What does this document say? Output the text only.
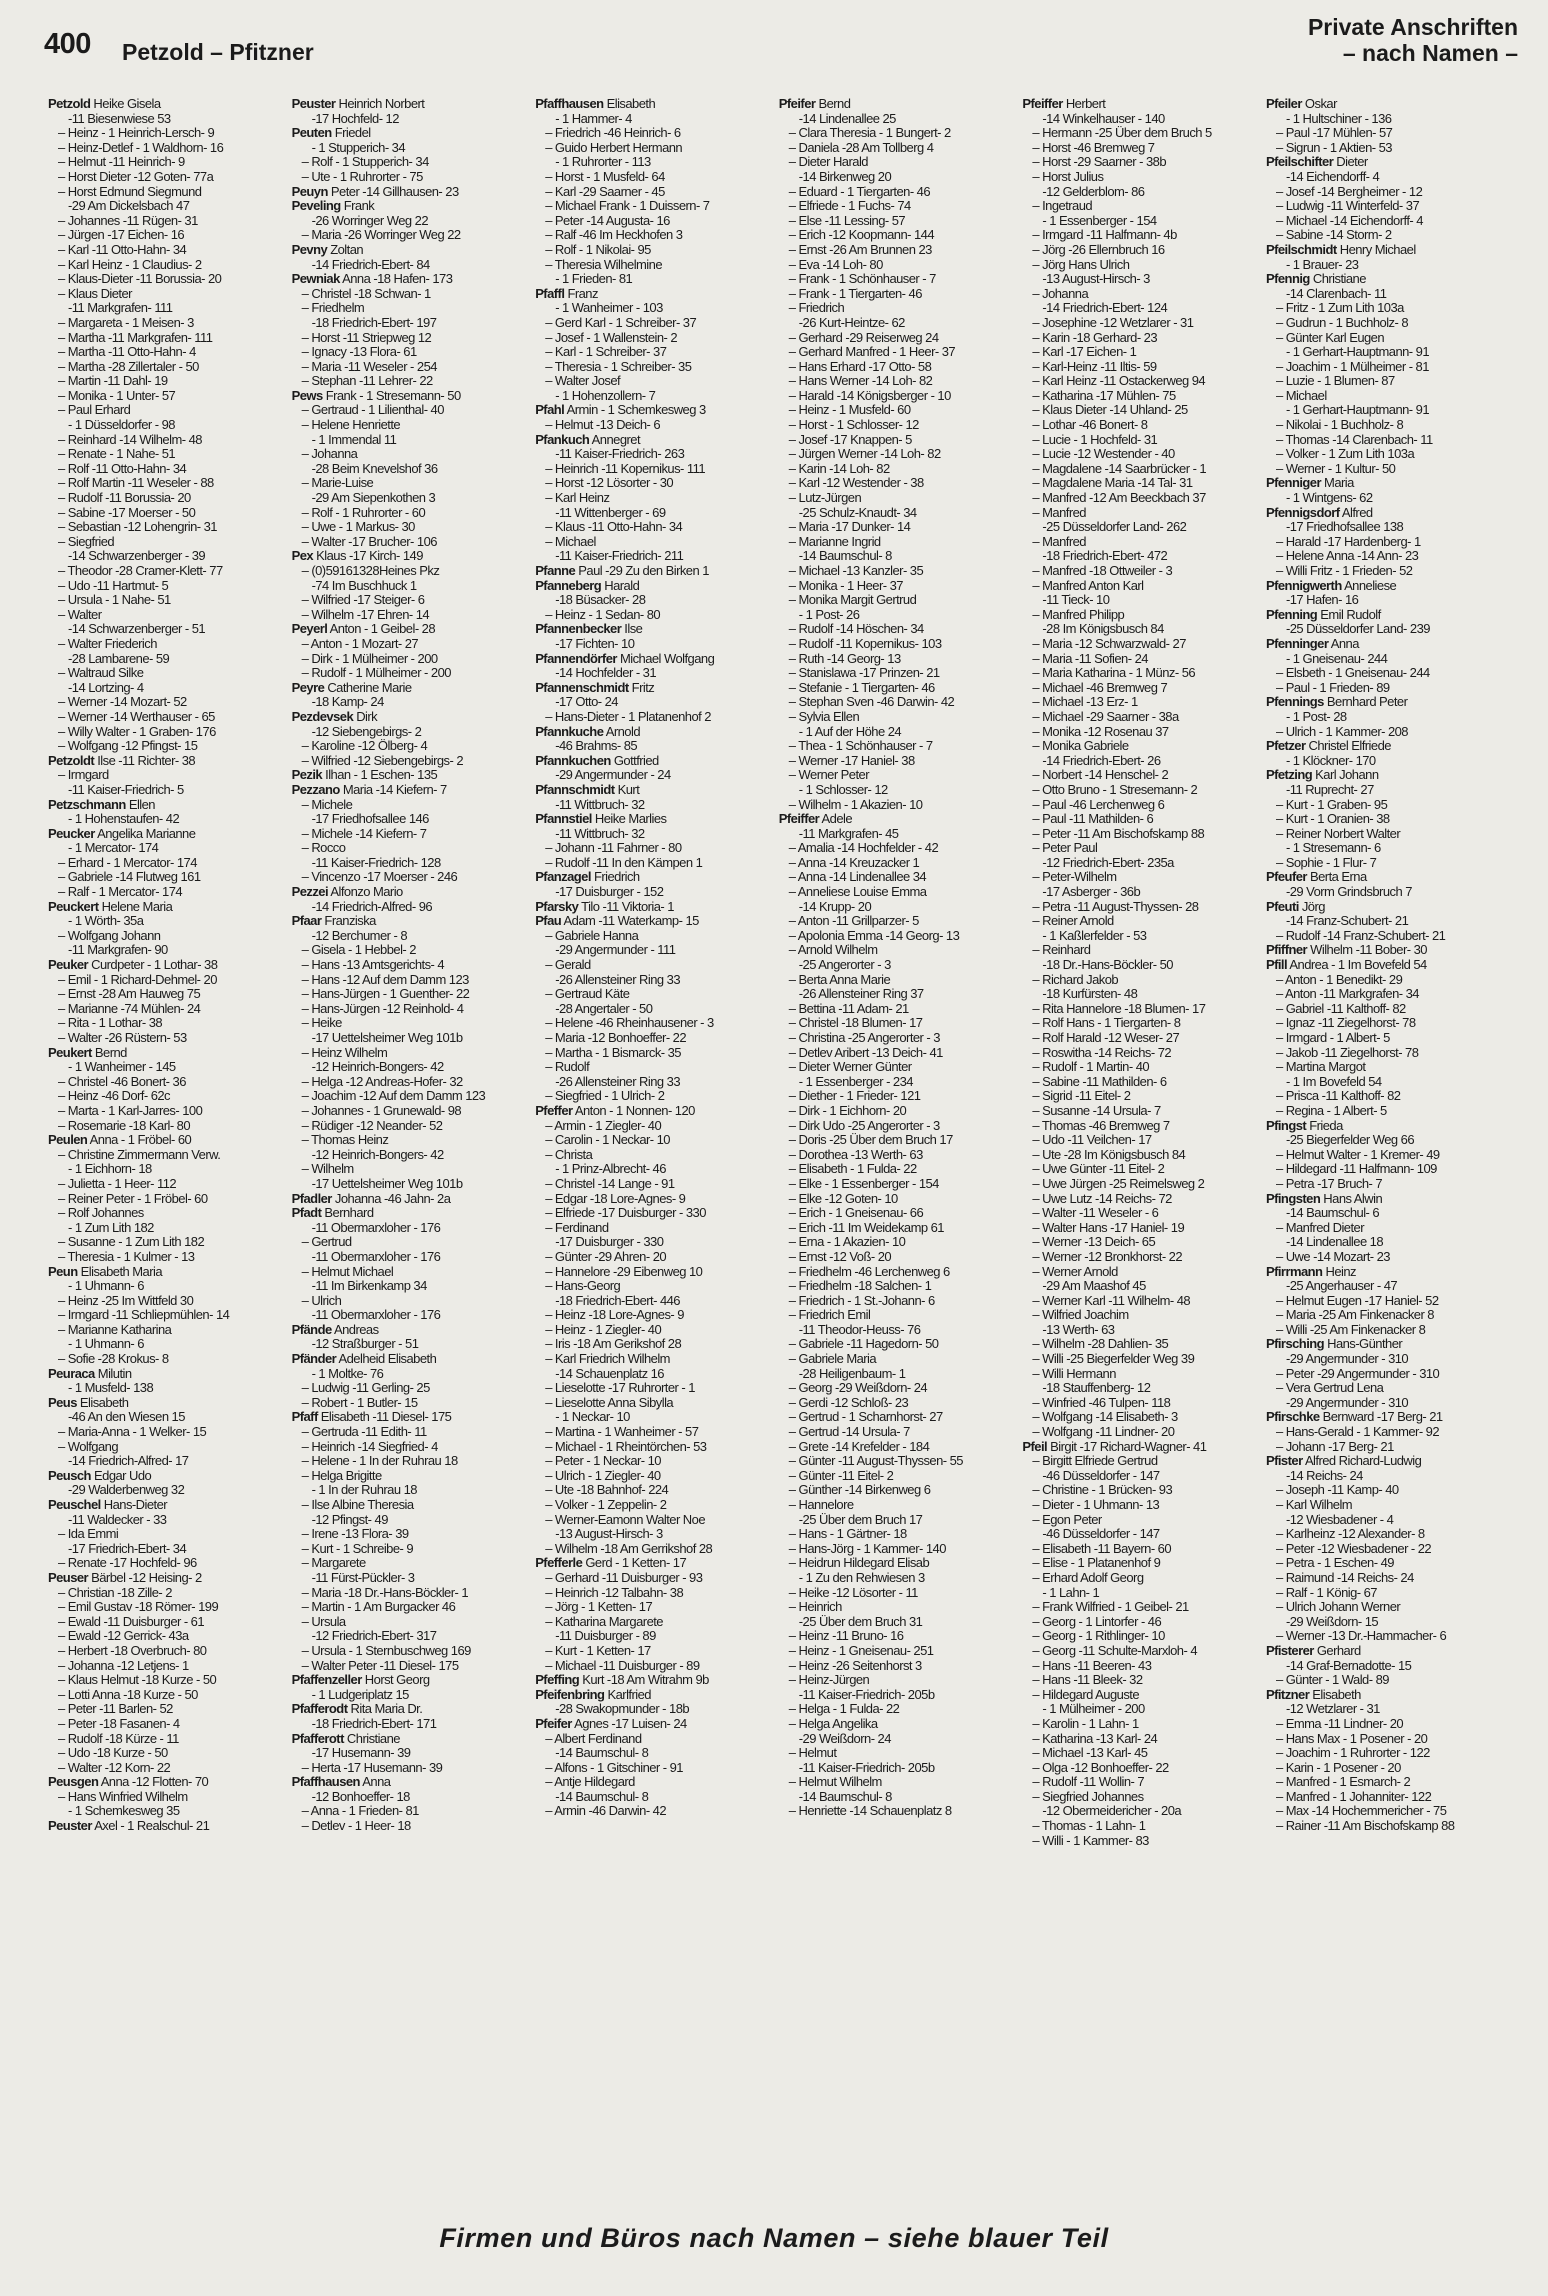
400 Petzold – Pfitzner
Private Anschriften
– nach Namen –
Petzold Heike Gisela
-11 Biesenwiese 53
– Heinz - 1 Heinrich-Lersch- 9
– Heinz-Detlef - 1 Waldhorn- 16
– Helmut -11 Heinrich- 9
– Horst Dieter -12 Goten- 77a
– Horst Edmund Siegmund
-29 Am Dickelsbach 47
– Johannes -11 Rügen- 31
– Jürgen -17 Eichen- 16
– Karl -11 Otto-Hahn- 34
– Karl Heinz - 1 Claudius- 2
– Klaus-Dieter -11 Borussia- 20
– Klaus Dieter
-11 Markgrafen- 111
– Margareta - 1 Meisen- 3
– Martha -11 Markgrafen- 111
– Martha -11 Otto-Hahn- 4
– Martha -28 Zillertaler - 50
– Martin -11 Dahl- 19
– Monika - 1 Unter- 57
– Paul Erhard
- 1 Düsseldorfer - 98
– Reinhard -14 Wilhelm- 48
– Renate - 1 Nahe- 51
– Rolf -11 Otto-Hahn- 34
– Rolf Martin -11 Weseler - 88
– Rudolf -11 Borussia- 20
– Sabine -17 Moerser - 50
– Sebastian -12 Lohengrin- 31
– Siegfried
-14 Schwarzenberger - 39
– Theodor -28 Cramer-Klett- 77
– Udo -11 Hartmut- 5
– Ursula - 1 Nahe- 51
– Walter
-14 Schwarzenberger - 51
– Walter Friederich
-28 Lambarene- 59
– Waltraud Silke
-14 Lortzing- 4
– Werner -14 Mozart- 52
– Werner -14 Werthauser - 65
– Willy Walter - 1 Graben- 176
– Wolfgang -12 Pfingst- 15
Petzoldt Ilse -11 Richter- 38
– Irmgard
-11 Kaiser-Friedrich- 5
Petzschmann Ellen
- 1 Hohenstaufen- 42
Peucker Angelika Marianne
- 1 Mercator- 174
– Erhard - 1 Mercator- 174
– Gabriele -14 Flutweg 161
– Ralf - 1 Mercator- 174
Peuckert Helene Maria
- 1 Wörth- 35a
– Wolfgang Johann
-11 Markgrafen- 90
Peuker Curdpeter - 1 Lothar- 38
– Emil - 1 Richard-Dehmel- 20
– Ernst -28 Am Hauweg 75
– Marianne -74 Mühlen- 24
– Rita - 1 Lothar- 38
– Walter -26 Rüstern- 53
Peukert Bernd
- 1 Wanheimer - 145
– Christel -46 Bonert- 36
– Heinz -46 Dorf- 62c
– Marta - 1 Karl-Jarres- 100
– Rosemarie -18 Karl- 80
Peulen Anna - 1 Fröbel- 60
– Christine Zimmermann Verw.
- 1 Eichhorn- 18
– Julietta - 1 Heer- 112
– Reiner Peter - 1 Fröbel- 60
– Rolf Johannes
- 1 Zum Lith 182
– Susanne - 1 Zum Lith 182
– Theresia - 1 Kulmer - 13
Peun Elisabeth Maria
- 1 Uhmann- 6
– Heinz -25 Im Wittfeld 30
– Irmgard -11 Schliepmühlen- 14
– Marianne Katharina
- 1 Uhmann- 6
– Sofie -28 Krokus- 8
Peuraca Milutin
- 1 Musfeld- 138
Peus Elisabeth
-46 An den Wiesen 15
– Maria-Anna - 1 Welker- 15
– Wolfgang
-14 Friedrich-Alfred- 17
Peusch Edgar Udo
-29 Walderbenweg 32
Peuschel Hans-Dieter
-11 Waldecker - 33
– Ida Emmi
-17 Friedrich-Ebert- 34
– Renate -17 Hochfeld- 96
Peuser Bärbel -12 Heising- 2
– Christian -18 Zille- 2
– Emil Gustav -18 Römer- 199
– Ewald -11 Duisburger - 61
– Ewald -12 Gerrick- 43a
– Herbert -18 Overbruch- 80
– Johanna -12 Letjens- 1
– Klaus Helmut -18 Kurze - 50
– Lotti Anna -18 Kurze - 50
– Peter -11 Barlen- 52
– Peter -18 Fasanen- 4
– Rudolf -18 Kürze - 11
– Udo -18 Kurze - 50
– Walter -12 Korn- 22
Peusgen Anna -12 Flotten- 70
– Hans Winfried Wilhelm
- 1 Schemkesweg 35
Peuster Axel - 1 Realschul- 21
Peuster Heinrich Norbert
-17 Hochfeld- 12
Peuten Friedel
- 1 Stupperich- 34
– Rolf - 1 Stupperich- 34
– Ute - 1 Ruhrorter - 75
Peuyn Peter -14 Gillhausen- 23
Peveling Frank
-26 Worringer Weg 22
– Maria -26 Worringer Weg 22
Pevny Zoltan
-14 Friedrich-Ebert- 84
Pewniak Anna -18 Hafen- 173
– Christel -18 Schwan- 1
– Friedhelm
-18 Friedrich-Ebert- 197
– Horst -11 Striepweg 12
– Ignacy -13 Flora- 61
– Maria -11 Weseler - 254
– Stephan -11 Lehrer- 22
Pews Frank - 1 Stresemann- 50
– Gertraud - 1 Lilienthal- 40
– Helene Henriette
- 1 Immendal 11
– Johanna
-28 Beim Knevelshof 36
– Marie-Luise
-29 Am Siepenkothen 3
– Rolf - 1 Ruhrorter - 60
– Uwe - 1 Markus- 30
– Walter -17 Brucher- 106
Pex Klaus -17 Kirch- 149
– (0)59161328Heines Pkz
-74 Im Buschhuck 1
– Wilfried -17 Steiger- 6
– Wilhelm -17 Ehren- 14
Peyerl Anton - 1 Geibel- 28
– Anton - 1 Mozart- 27
– Dirk - 1 Mülheimer - 200
– Rudolf - 1 Mülheimer - 200
Peyre Catherine Marie
-18 Kamp- 24
Pezdevsek Dirk
-12 Siebengebirgs- 2
– Karoline -12 Ölberg- 4
– Wilfried -12 Siebengebirgs- 2
Pezik Ilhan - 1 Eschen- 135
Pezzano Maria -14 Kiefern- 7
– Michele
-17 Friedhofsallee 146
– Michele -14 Kiefern- 7
– Rocco
-11 Kaiser-Friedrich- 128
– Vincenzo -17 Moerser - 246
Pezzei Alfonzo Mario
-14 Friedrich-Alfred- 96
Pfaar Franziska
-12 Berchumer - 8
– Gisela - 1 Hebbel- 2
– Hans -13 Amtsgerichts- 4
– Hans -12 Auf dem Damm 123
– Hans-Jürgen - 1 Guenther- 22
– Hans-Jürgen -12 Reinhold- 4
– Heike
-17 Uettelsheimer Weg 101b
– Heinz Wilhelm
-12 Heinrich-Bongers- 42
– Helga -12 Andreas-Hofer- 32
– Joachim -12 Auf dem Damm 123
– Johannes - 1 Grunewald- 98
– Rüdiger -12 Neander- 52
– Thomas Heinz
-12 Heinrich-Bongers- 42
– Wilhelm
-17 Uettelsheimer Weg 101b
Pfadler Johanna -46 Jahn- 2a
Pfadt Bernhard
-11 Obermarxloher - 176
– Gertrud
-11 Obermarxloher - 176
– Helmut Michael
-11 Im Birkenkamp 34
– Ulrich
-11 Obermarxloher - 176
Pfände Andreas
-12 Straßburger - 51
Pfänder Adelheid Elisabeth
- 1 Moltke- 76
– Ludwig -11 Gerling- 25
– Robert - 1 Butler- 15
Pfaff Elisabeth -11 Diesel- 175
– Gertruda -11 Edith- 11
– Heinrich -14 Siegfried- 4
– Helene - 1 In der Ruhrau 18
– Helga Brigitte
- 1 In der Ruhrau 18
– Ilse Albine Theresia
-12 Pfingst- 49
– Irene -13 Flora- 39
– Kurt - 1 Schreibe- 9
– Margarete
-11 Fürst-Pückler- 3
– Maria -18 Dr.-Hans-Böckler- 1
– Martin - 1 Am Burgacker 46
– Ursula
-12 Friedrich-Ebert- 317
– Ursula - 1 Sternbuschweg 169
– Walter Peter -11 Diesel- 175
Pfaffenzeller Horst Georg
- 1 Ludgeriplatz 15
Pfafferodt Rita Maria Dr.
-18 Friedrich-Ebert- 171
Pfafferott Christiane
-17 Husemann- 39
– Herta -17 Husemann- 39
Pfaffhausen Anna
-12 Bonhoeffer- 18
– Anna - 1 Frieden- 81
– Detlev - 1 Heer- 18
Pfaffhausen Elisabeth
- 1 Hammer- 4
– Friedrich -46 Heinrich- 6
– Guido Herbert Hermann
- 1 Ruhrorter - 113
– Horst - 1 Musfeld- 64
– Karl -29 Saarner - 45
– Michael Frank - 1 Duissern- 7
– Peter -14 Augusta- 16
– Ralf -46 Im Heckhofen 3
– Rolf - 1 Nikolai- 95
– Theresia Wilhelmine
- 1 Frieden- 81
Pfaffl Franz
- 1 Wanheimer - 103
– Gerd Karl - 1 Schreiber- 37
– Josef - 1 Wallenstein- 2
– Karl - 1 Schreiber- 37
– Theresia - 1 Schreiber- 35
– Walter Josef
- 1 Hohenzollern- 7
Pfahl Armin - 1 Schemkesweg 3
– Helmut -13 Deich- 6
Pfankuch Annegret
-11 Kaiser-Friedrich- 263
– Heinrich -11 Kopernikus- 111
– Horst -12 Lösorter - 30
– Karl Heinz
-11 Wittenberger - 69
– Klaus -11 Otto-Hahn- 34
– Michael
-11 Kaiser-Friedrich- 211
Pfanne Paul -29 Zu den Birken 1
Pfanneberg Harald
-18 Büsacker- 28
– Heinz - 1 Sedan- 80
Pfannenbecker Ilse
-17 Fichten- 10
Pfannendörfer Michael Wolfgang
-14 Hochfelder - 31
Pfannenschmidt Fritz
-17 Otto- 24
– Hans-Dieter - 1 Platanenhof 2
Pfannkuche Arnold
-46 Brahms- 85
Pfannkuchen Gottfried
-29 Angermunder - 24
Pfannschmidt Kurt
-11 Wittbruch- 32
Pfannstiel Heike Marlies
-11 Wittbruch- 32
– Johann -11 Fahrner - 80
– Rudolf -11 In den Kämpen 1
Pfanzagel Friedrich
-17 Duisburger - 152
Pfarsky Tilo -11 Viktoria- 1
Pfau Adam -11 Waterkamp- 15
– Gabriele Hanna
-29 Angermunder - 111
– Gerald
-26 Allensteiner Ring 33
– Gertraud Käte
-28 Angertaler - 50
– Helene -46 Rheinhausener - 3
– Maria -12 Bonhoeffer- 22
– Martha - 1 Bismarck- 35
– Rudolf
-26 Allensteiner Ring 33
– Siegfried - 1 Ulrich- 2
Pfeffer Anton - 1 Nonnen- 120
– Armin - 1 Ziegler- 40
– Carolin - 1 Neckar- 10
– Christa
- 1 Prinz-Albrecht- 46
– Christel -14 Lange - 91
– Edgar -18 Lore-Agnes- 9
– Elfriede -17 Duisburger - 330
– Ferdinand
-17 Duisburger - 330
– Günter -29 Ahren- 20
– Hannelore -29 Eibenweg 10
– Hans-Georg
-18 Friedrich-Ebert- 446
– Heinz -18 Lore-Agnes- 9
– Heinz - 1 Ziegler- 40
– Iris -18 Am Gerikshof 28
– Karl Friedrich Wilhelm
-14 Schauenplatz 16
– Lieselotte -17 Ruhrorter - 1
– Lieselotte Anna Sibylla
- 1 Neckar- 10
– Martina - 1 Wanheimer - 57
– Michael - 1 Rheintörchen- 53
– Peter - 1 Neckar- 10
– Ulrich - 1 Ziegler- 40
– Ute -18 Bahnhof- 224
– Volker - 1 Zeppelin- 2
– Werner-Eamonn Walter Noe
-13 August-Hirsch- 3
– Wilhelm -18 Am Gerrikshof 28
Pfefferle Gerd - 1 Ketten- 17
– Gerhard -11 Duisburger - 93
– Heinrich -12 Talbahn- 38
– Jörg - 1 Ketten- 17
– Katharina Margarete
-11 Duisburger - 89
– Kurt - 1 Ketten- 17
– Michael -11 Duisburger - 89
Pfeffing Kurt -18 Am Witrahm 9b
Pfeifenbring Karlfried
-28 Swakopmunder - 18b
Pfeifer Agnes -17 Luisen- 24
– Albert Ferdinand
-14 Baumschul- 8
– Alfons - 1 Gitschiner - 91
– Antje Hildegard
-14 Baumschul- 8
– Armin -46 Darwin- 42
Pfeifer Bernd
-14 Lindenallee 25
– Clara Theresia - 1 Bungert- 2
– Daniela -28 Am Tollberg 4
– Dieter Harald
-14 Birkenweg 20
– Eduard - 1 Tiergarten- 46
– Elfriede - 1 Fuchs- 74
– Else -11 Lessing- 57
– Erich -12 Koopmann- 144
– Ernst -26 Am Brunnen 23
– Eva -14 Loh- 80
– Frank - 1 Schönhauser - 7
– Frank - 1 Tiergarten- 46
– Friedrich
-26 Kurt-Heintze- 62
– Gerhard -29 Reiserweg 24
– Gerhard Manfred - 1 Heer- 37
– Hans Erhard -17 Otto- 58
– Hans Werner -14 Loh- 82
– Harald -14 Königsberger - 10
– Heinz - 1 Musfeld- 60
– Horst - 1 Schlosser- 12
– Josef -17 Knappen- 5
– Jürgen Werner -14 Loh- 82
– Karin -14 Loh- 82
– Karl -12 Westender - 38
– Lutz-Jürgen
-25 Schulz-Knaudt- 34
– Maria -17 Dunker- 14
– Marianne Ingrid
-14 Baumschul- 8
– Michael -13 Kanzler- 35
– Monika - 1 Heer- 37
– Monika Margit Gertrud
- 1 Post- 26
– Rudolf -14 Höschen- 34
– Rudolf -11 Kopernikus- 103
– Ruth -14 Georg- 13
– Stanislawa -17 Prinzen- 21
– Stefanie - 1 Tiergarten- 46
– Stephan Sven -46 Darwin- 42
– Sylvia Ellen
- 1 Auf der Höhe 24
– Thea - 1 Schönhauser - 7
– Werner -17 Haniel- 38
– Werner Peter
- 1 Schlosser- 12
– Wilhelm - 1 Akazien- 10
Pfeiffer Adele
-11 Markgrafen- 45
– Amalia -14 Hochfelder - 42
– Anna -14 Kreuzacker 1
– Anna -14 Lindenallee 34
– Anneliese Louise Emma
-14 Krupp- 20
– Anton -11 Grillparzer- 5
– Apolonia Emma -14 Georg- 13
– Arnold Wilhelm
-25 Angerorter - 3
– Berta Anna Marie
-26 Allensteiner Ring 37
– Bettina -11 Adam- 21
– Christel -18 Blumen- 17
– Christina -25 Angerorter - 3
– Detlev Aribert -13 Deich- 41
– Dieter Werner Günter
- 1 Essenberger - 234
– Diether - 1 Frieder- 121
– Dirk - 1 Eichhorn- 20
– Dirk Udo -25 Angerorter - 3
– Doris -25 Über dem Bruch 17
– Dorothea -13 Werth- 63
– Elisabeth - 1 Fulda- 22
– Elke - 1 Essenberger - 154
– Elke -12 Goten- 10
– Erich - 1 Gneisenau- 66
– Erich -11 Im Weidekamp 61
– Erna - 1 Akazien- 10
– Ernst -12 Voß- 20
– Friedhelm -46 Lerchenweg 6
– Friedhelm -18 Salchen- 1
– Friedrich - 1 St.-Johann- 6
– Friedrich Emil
-11 Theodor-Heuss- 76
– Gabriele -11 Hagedorn- 50
– Gabriele Maria
-28 Heiligenbaum- 1
– Georg -29 Weißdorn- 24
– Gerdi -12 Schloß- 23
– Gertrud - 1 Scharnhorst- 27
– Gertrud -14 Ursula- 7
– Grete -14 Krefelder - 184
– Günter -11 August-Thyssen- 55
– Günter -11 Eitel- 2
– Günther -14 Birkenweg 6
– Hannelore
-25 Über dem Bruch 17
– Hans - 1 Gärtner- 18
– Hans-Jörg - 1 Kammer- 140
– Heidrun Hildegard Elisab
- 1 Zu den Rehwiesen 3
– Heike -12 Lösorter - 11
– Heinrich
-25 Über dem Bruch 31
– Heinz -11 Bruno- 16
– Heinz - 1 Gneisenau- 251
– Heinz -26 Seitenhorst 3
– Heinz-Jürgen
-11 Kaiser-Friedrich- 205b
– Helga - 1 Fulda- 22
– Helga Angelika
-29 Weißdorn- 24
– Helmut
-11 Kaiser-Friedrich- 205b
– Helmut Wilhelm
-14 Baumschul- 8
– Henriette -14 Schauenplatz 8
Pfeiffer Herbert
-14 Winkelhauser - 140
– Hermann -25 Über dem Bruch 5
– Horst -46 Bremweg 7
– Horst -29 Saarner - 38b
– Horst Julius
-12 Gelderblom- 86
– Ingetraud
- 1 Essenberger - 154
– Irmgard -11 Halfmann- 4b
– Jörg -26 Ellernbruch 16
– Jörg Hans Ulrich
-13 August-Hirsch- 3
– Johanna
-14 Friedrich-Ebert- 124
– Josephine -12 Wetzlarer - 31
– Karin -18 Gerhard- 23
– Karl -17 Eichen- 1
– Karl-Heinz -11 Iltis- 59
– Karl Heinz -11 Ostackerweg 94
– Katharina -17 Mühlen- 75
– Klaus Dieter -14 Uhland- 25
– Lothar -46 Bonert- 8
– Lucie - 1 Hochfeld- 31
– Lucie -12 Westender - 40
– Magdalene -14 Saarbrücker - 1
– Magdalene Maria -14 Tal- 31
– Manfred -12 Am Beeckbach 37
– Manfred
-25 Düsseldorfer Land- 262
– Manfred
-18 Friedrich-Ebert- 472
– Manfred -18 Ottweiler - 3
– Manfred Anton Karl
-11 Tieck- 10
– Manfred Philipp
-28 Im Königsbusch 84
– Maria -12 Schwarzwald- 27
– Maria -11 Sofien- 24
– Maria Katharina - 1 Münz- 56
– Michael -46 Bremweg 7
– Michael -13 Erz- 1
– Michael -29 Saarner - 38a
– Monika -12 Rosenau 37
– Monika Gabriele
-14 Friedrich-Ebert- 26
– Norbert -14 Henschel- 2
– Otto Bruno - 1 Stresemann- 2
– Paul -46 Lerchenweg 6
– Paul -11 Mathilden- 6
– Peter -11 Am Bischofskamp 88
– Peter Paul
-12 Friedrich-Ebert- 235a
– Peter-Wilhelm
-17 Asberger - 36b
– Petra -11 August-Thyssen- 28
– Reiner Arnold
- 1 Kaßlerfelder - 53
– Reinhard
-18 Dr.-Hans-Böckler- 50
– Richard Jakob
-18 Kurfürsten- 48
– Rita Hannelore -18 Blumen- 17
– Rolf Hans - 1 Tiergarten- 8
– Rolf Harald -12 Weser- 27
– Roswitha -14 Reichs- 72
– Rudolf - 1 Martin- 40
– Sabine -11 Mathilden- 6
– Sigrid -11 Eitel- 2
– Susanne -14 Ursula- 7
– Thomas -46 Bremweg 7
– Udo -11 Veilchen- 17
– Ute -28 Im Königsbusch 84
– Uwe Günter -11 Eitel- 2
– Uwe Jürgen -25 Reimelsweg 2
– Uwe Lutz -14 Reichs- 72
– Walter -11 Weseler - 6
– Walter Hans -17 Haniel- 19
– Werner -13 Deich- 65
– Werner -12 Bronkhorst- 22
– Werner Arnold
-29 Am Maashof 45
– Werner Karl -11 Wilhelm- 48
– Wilfried Joachim
-13 Werth- 63
– Wilhelm -28 Dahlien- 35
– Willi -25 Biegerfelder Weg 39
– Willi Hermann
-18 Stauffenberg- 12
– Winfried -46 Tulpen- 118
– Wolfgang -14 Elisabeth- 3
– Wolfgang -11 Lindner- 20
Pfeil Birgit -17 Richard-Wagner- 41
– Birgitt Elfriede Gertrud
-46 Düsseldorfer - 147
– Christine - 1 Brücken- 93
– Dieter - 1 Uhmann- 13
– Egon Peter
-46 Düsseldorfer - 147
– Elisabeth -11 Bayern- 60
– Elise - 1 Platanenhof 9
– Erhard Adolf Georg
- 1 Lahn- 1
– Frank Wilfried - 1 Geibel- 21
– Georg - 1 Lintorfer - 46
– Georg - 1 Rithlinger- 10
– Georg -11 Schulte-Marxloh- 4
– Hans -11 Beeren- 43
– Hans -11 Bleek- 32
– Hildegard Auguste
- 1 Mülheimer - 200
– Karolin - 1 Lahn- 1
– Katharina -13 Karl- 24
– Michael -13 Karl- 45
– Olga -12 Bonhoeffer- 22
– Rudolf -11 Wollin- 7
– Siegfried Johannes
-12 Obermeidericher - 20a
– Thomas - 1 Lahn- 1
– Willi - 1 Kammer- 83
Pfeiler Oskar
- 1 Hultschiner - 136
– Paul -17 Mühlen- 57
– Sigrun - 1 Aktien- 53
Pfeilschifter Dieter
-14 Eichendorff- 4
– Josef -14 Bergheimer - 12
– Ludwig -11 Winterfeld- 37
– Michael -14 Eichendorff- 4
– Sabine -14 Storm- 2
Pfeilschmidt Henry Michael
- 1 Brauer- 23
Pfennig Christiane
-14 Clarenbach- 11
– Fritz - 1 Zum Lith 103a
– Gudrun - 1 Buchholz- 8
– Günter Karl Eugen
- 1 Gerhart-Hauptmann- 91
– Joachim - 1 Mülheimer - 81
– Luzie - 1 Blumen- 87
– Michael
- 1 Gerhart-Hauptmann- 91
– Nikolai - 1 Buchholz- 8
– Thomas -14 Clarenbach- 11
– Volker - 1 Zum Lith 103a
– Werner - 1 Kultur- 50
Pfenniger Maria
- 1 Wintgens- 62
Pfennigsdorf Alfred
-17 Friedhofsallee 138
– Harald -17 Hardenberg- 1
– Helene Anna -14 Ann- 23
– Willi Fritz - 1 Frieden- 52
Pfennigwerth Anneliese
-17 Hafen- 16
Pfenning Emil Rudolf
-25 Düsseldorfer Land- 239
Pfenninger Anna
- 1 Gneisenau- 244
– Elsbeth - 1 Gneisenau- 244
– Paul - 1 Frieden- 89
Pfennings Bernhard Peter
- 1 Post- 28
– Ulrich - 1 Kammer- 208
Pfetzer Christel Elfriede
- 1 Klöckner- 170
Pfetzing Karl Johann
-11 Ruprecht- 27
– Kurt - 1 Graben- 95
– Kurt - 1 Oranien- 38
– Reiner Norbert Walter
- 1 Stresemann- 6
– Sophie - 1 Flur- 7
Pfeufer Berta Erna
-29 Vorm Grindsbruch 7
Pfeuti Jörg
-14 Franz-Schubert- 21
– Rudolf -14 Franz-Schubert- 21
Pfiffner Wilhelm -11 Bober- 30
Pfill Andrea - 1 Im Bovefeld 54
– Anton - 1 Benedikt- 29
– Anton -11 Markgrafen- 34
– Gabriel -11 Kalthoff- 82
– Ignaz -11 Ziegelhorst- 78
– Irmgard - 1 Albert- 5
– Jakob -11 Ziegelhorst- 78
– Martina Margot
- 1 Im Bovefeld 54
– Prisca -11 Kalthoff- 82
– Regina - 1 Albert- 5
Pfingst Frieda
-25 Biegerfelder Weg 66
– Helmut Walter - 1 Kremer- 49
– Hildegard -11 Halfmann- 109
– Petra -17 Bruch- 7
Pfingsten Hans Alwin
-14 Baumschul- 6
– Manfred Dieter
-14 Lindenallee 18
– Uwe -14 Mozart- 23
Pfirrmann Heinz
-25 Angerhauser - 47
– Helmut Eugen -17 Haniel- 52
– Maria -25 Am Finkenacker 8
– Willi -25 Am Finkenacker 8
Pfirsching Hans-Günther
-29 Angermunder - 310
– Peter -29 Angermunder - 310
– Vera Gertrud Lena
-29 Angermunder - 310
Pfirschke Bernward -17 Berg- 21
– Hans-Gerald - 1 Kammer- 92
– Johann -17 Berg- 21
Pfister Alfred Richard-Ludwig
-14 Reichs- 24
– Joseph -11 Kamp- 40
– Karl Wilhelm
-12 Wiesbadener - 4
– Karlheinz -12 Alexander- 8
– Peter -12 Wiesbadener - 22
– Petra - 1 Eschen- 49
– Raimund -14 Reichs- 24
– Ralf - 1 König- 67
– Ulrich Johann Werner
-29 Weißdorn- 15
– Werner -13 Dr.-Hammacher- 6
Pfisterer Gerhard
-14 Graf-Bernadotte- 15
– Günter - 1 Wald- 89
Pfitzner Elisabeth
-12 Wetzlarer - 31
– Emma -11 Lindner- 20
– Hans Max - 1 Posener - 20
– Joachim - 1 Ruhrorter - 122
– Karin - 1 Posener - 20
– Manfred - 1 Esmarch- 2
– Manfred - 1 Johanniter- 122
– Max -14 Hochemmericher - 75
– Rainer -11 Am Bischofskamp 88
Firmen und Büros nach Namen – siehe blauer Teil
